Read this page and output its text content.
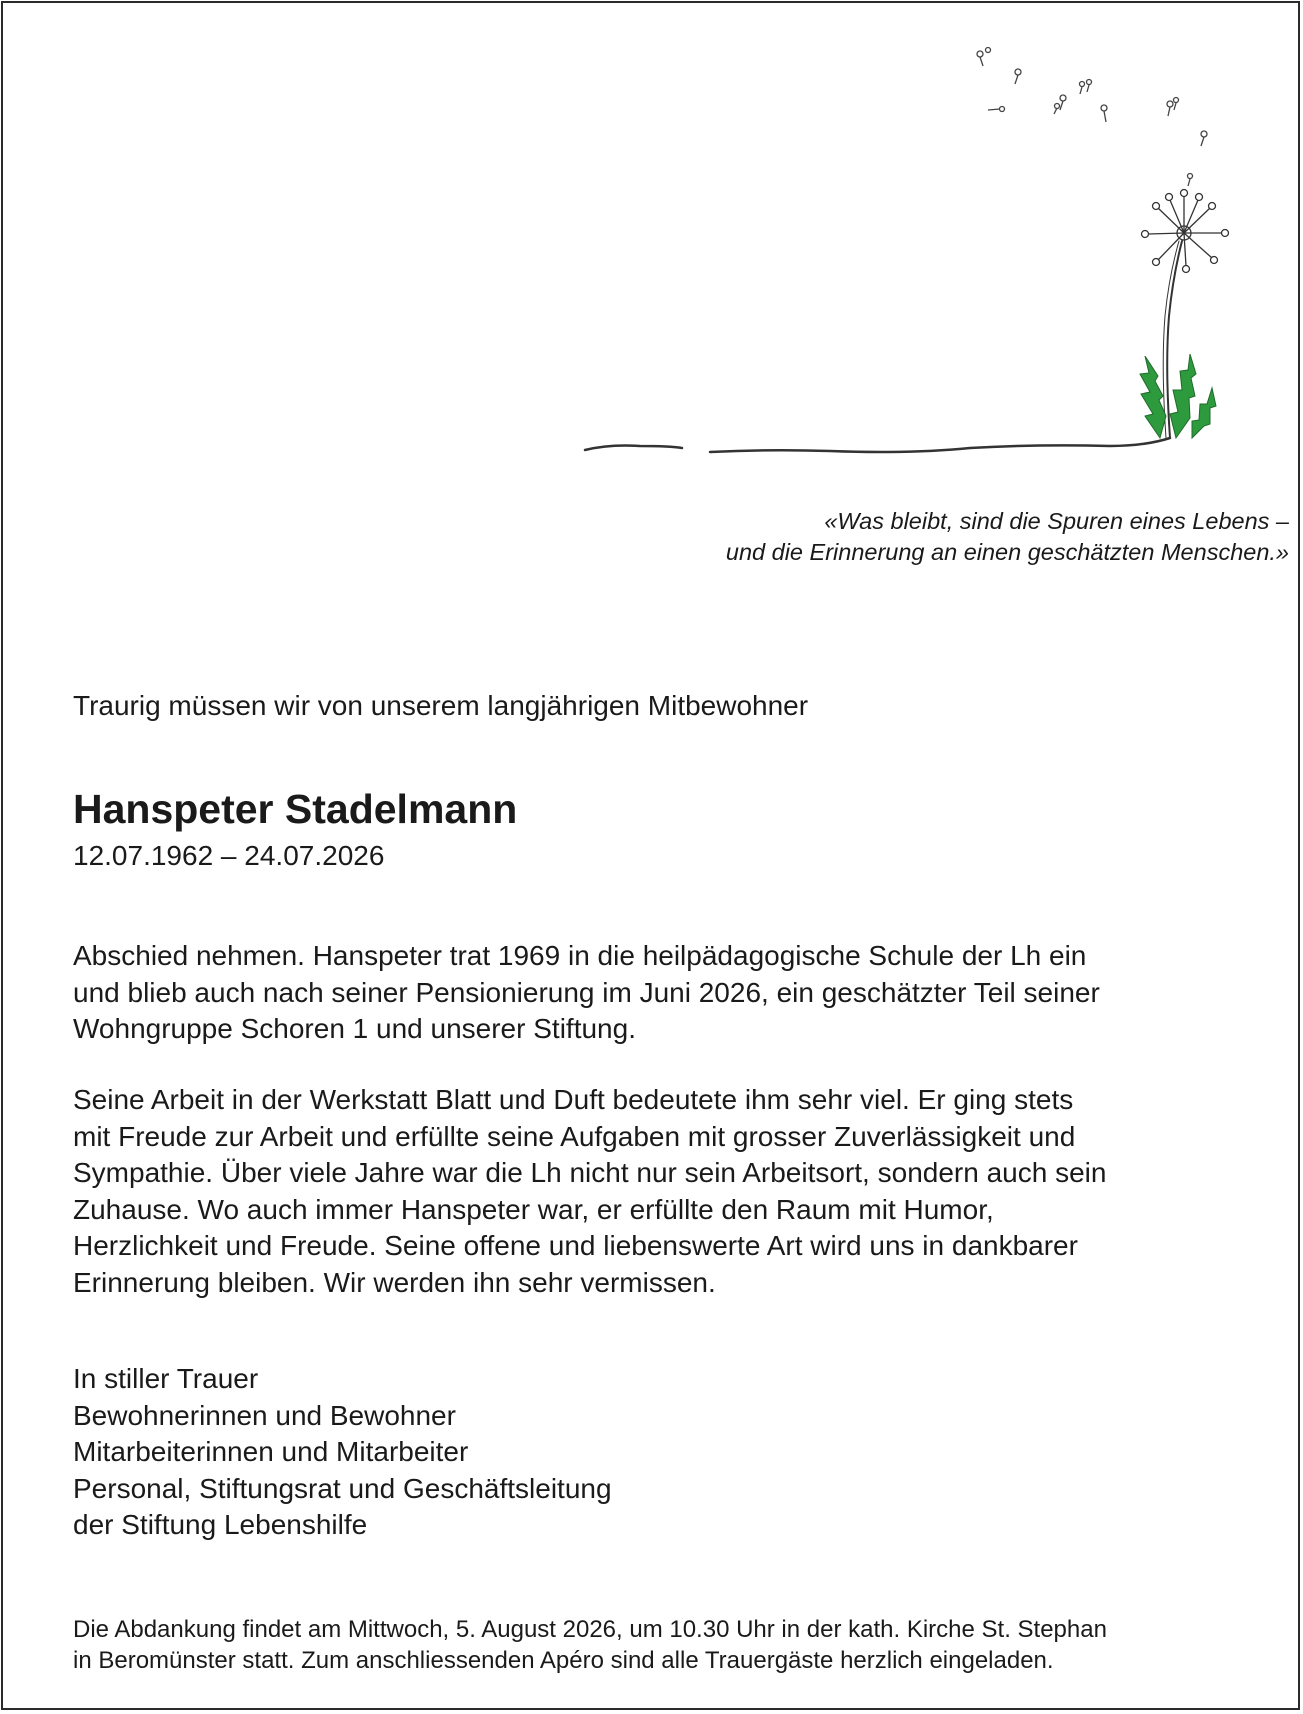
«Was bleibt, sind die Spuren eines Lebens –
und die Erinnerung an einen geschätzten Menschen.»
Traurig müssen wir von unserem langjährigen Mitbewohner
Hanspeter Stadelmann
12.07.1962 – 24.07.2026
Abschied nehmen. Hanspeter trat 1969 in die heilpädagogische Schule der Lh ein
und blieb auch nach seiner Pensionierung im Juni 2026, ein geschätzter Teil seiner
Wohngruppe Schoren 1 und unserer Stiftung.
Seine Arbeit in der Werkstatt Blatt und Duft bedeutete ihm sehr viel. Er ging stets
mit Freude zur Arbeit und erfüllte seine Aufgaben mit grosser Zuverlässigkeit und
Sympathie. Über viele Jahre war die Lh nicht nur sein Arbeitsort, sondern auch sein
Zuhause. Wo auch immer Hanspeter war, er erfüllte den Raum mit Humor,
Herzlichkeit und Freude. Seine offene und liebenswerte Art wird uns in dankbarer
Erinnerung bleiben. Wir werden ihn sehr vermissen.
In stiller Trauer
Bewohnerinnen und Bewohner
Mitarbeiterinnen und Mitarbeiter
Personal, Stiftungsrat und Geschäftsleitung
der Stiftung Lebenshilfe
Die Abdankung findet am Mittwoch, 5. August 2026, um 10.30 Uhr in der kath. Kirche St. Stephan
in Beromünster statt. Zum anschliessenden Apéro sind alle Trauergäste herzlich eingeladen.
